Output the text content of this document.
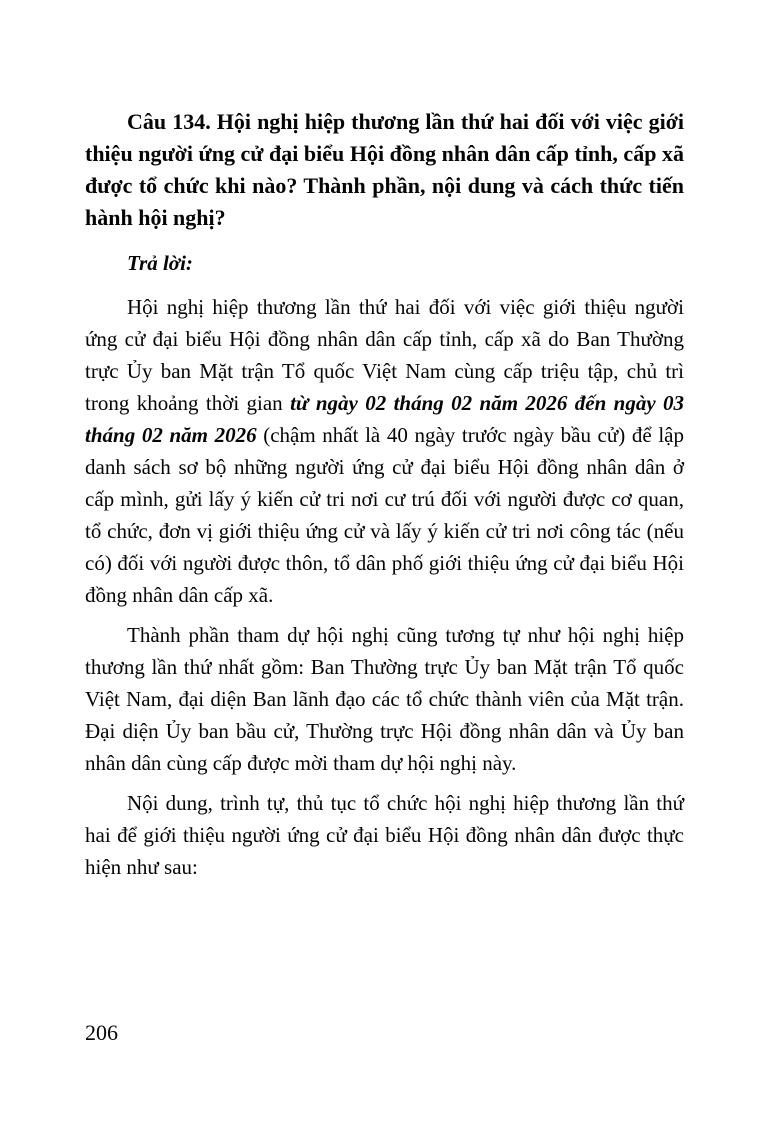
Câu 134. Hội nghị hiệp thương lần thứ hai đối với việc giới thiệu người ứng cử đại biểu Hội đồng nhân dân cấp tỉnh, cấp xã được tổ chức khi nào? Thành phần, nội dung và cách thức tiến hành hội nghị?

Trả lời:

Hội nghị hiệp thương lần thứ hai đối với việc giới thiệu người ứng cử đại biểu Hội đồng nhân dân cấp tỉnh, cấp xã do Ban Thường trực Ủy ban Mặt trận Tổ quốc Việt Nam cùng cấp triệu tập, chủ trì trong khoảng thời gian từ ngày 02 tháng 02 năm 2026 đến ngày 03 tháng 02 năm 2026 (chậm nhất là 40 ngày trước ngày bầu cử) để lập danh sách sơ bộ những người ứng cử đại biểu Hội đồng nhân dân ở cấp mình, gửi lấy ý kiến cử tri nơi cư trú đối với người được cơ quan, tổ chức, đơn vị giới thiệu ứng cử và lấy ý kiến cử tri nơi công tác (nếu có) đối với người được thôn, tổ dân phố giới thiệu ứng cử đại biểu Hội đồng nhân dân cấp xã.

Thành phần tham dự hội nghị cũng tương tự như hội nghị hiệp thương lần thứ nhất gồm: Ban Thường trực Ủy ban Mặt trận Tổ quốc Việt Nam, đại diện Ban lãnh đạo các tổ chức thành viên của Mặt trận. Đại diện Ủy ban bầu cử, Thường trực Hội đồng nhân dân và Ủy ban nhân dân cùng cấp được mời tham dự hội nghị này.

Nội dung, trình tự, thủ tục tổ chức hội nghị hiệp thương lần thứ hai để giới thiệu người ứng cử đại biểu Hội đồng nhân dân được thực hiện như sau:

206
